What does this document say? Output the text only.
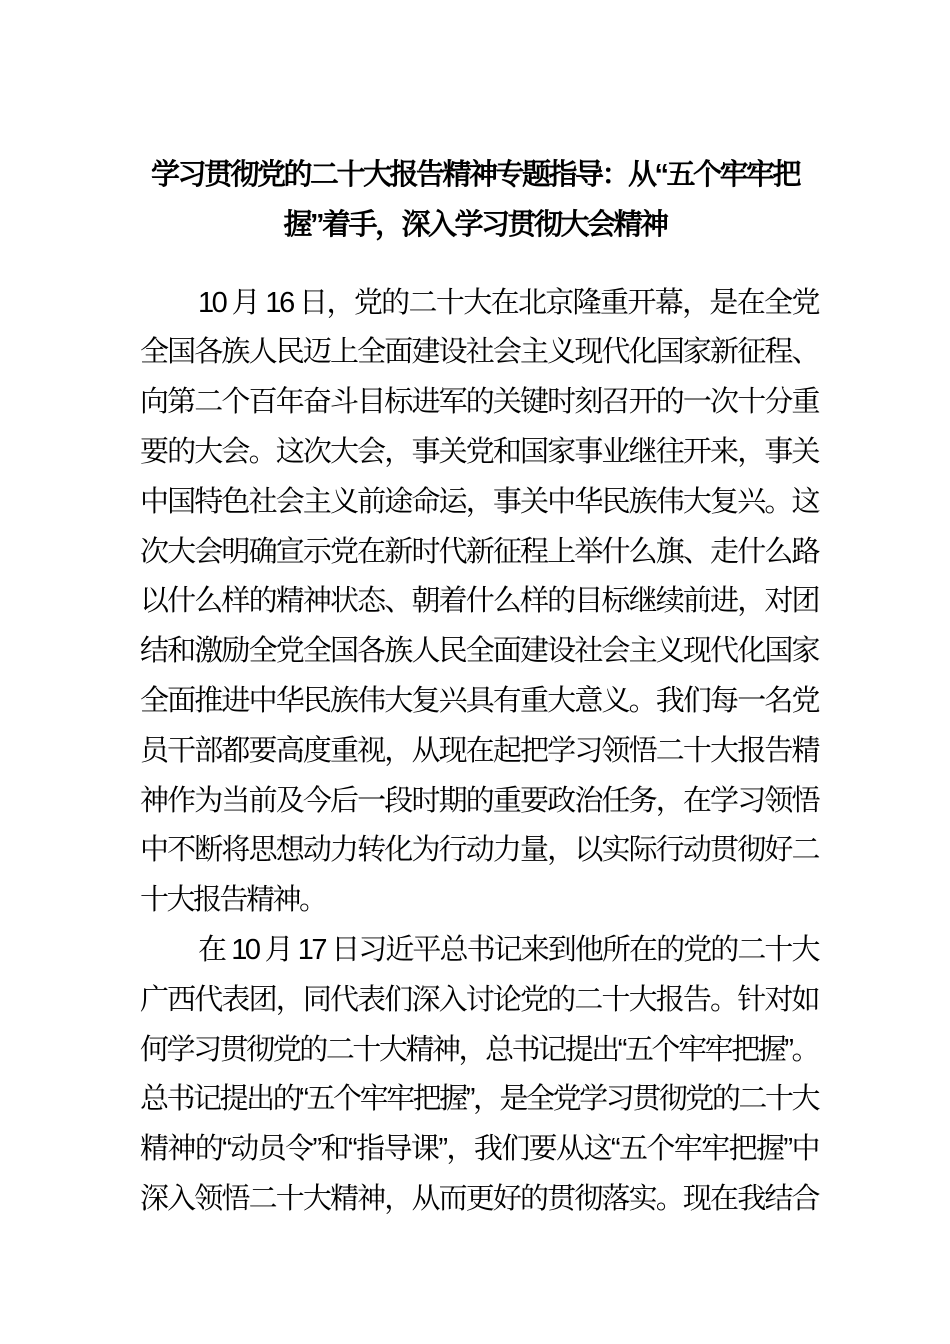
学习贯彻党的二十大报告精神专题指导：从“五个牢牢把
握”着手，深入学习贯彻大会精神
10 月 16 日，党的二十大在北京隆重开幕，是在全党
全国各族人民迈上全面建设社会主义现代化国家新征程、
向第二个百年奋斗目标进军的关键时刻召开的一次十分重
要的大会。这次大会，事关党和国家事业继往开来，事关
中国特色社会主义前途命运，事关中华民族伟大复兴。这
次大会明确宣示党在新时代新征程上举什么旗、走什么路
以什么样的精神状态、朝着什么样的目标继续前进，对团
结和激励全党全国各族人民全面建设社会主义现代化国家
全面推进中华民族伟大复兴具有重大意义。我们每一名党
员干部都要高度重视，从现在起把学习领悟二十大报告精
神作为当前及今后一段时期的重要政治任务，在学习领悟
中不断将思想动力转化为行动力量，以实际行动贯彻好二
十大报告精神。
在 10 月 17 日习近平总书记来到他所在的党的二十大
广西代表团，同代表们深入讨论党的二十大报告。针对如
何学习贯彻党的二十大精神，总书记提出“五个牢牢把握”。
总书记提出的“五个牢牢把握”，是全党学习贯彻党的二十大
精神的“动员令”和“指导课”，我们要从这“五个牢牢把握”中
深入领悟二十大精神，从而更好的贯彻落实。现在我结合
